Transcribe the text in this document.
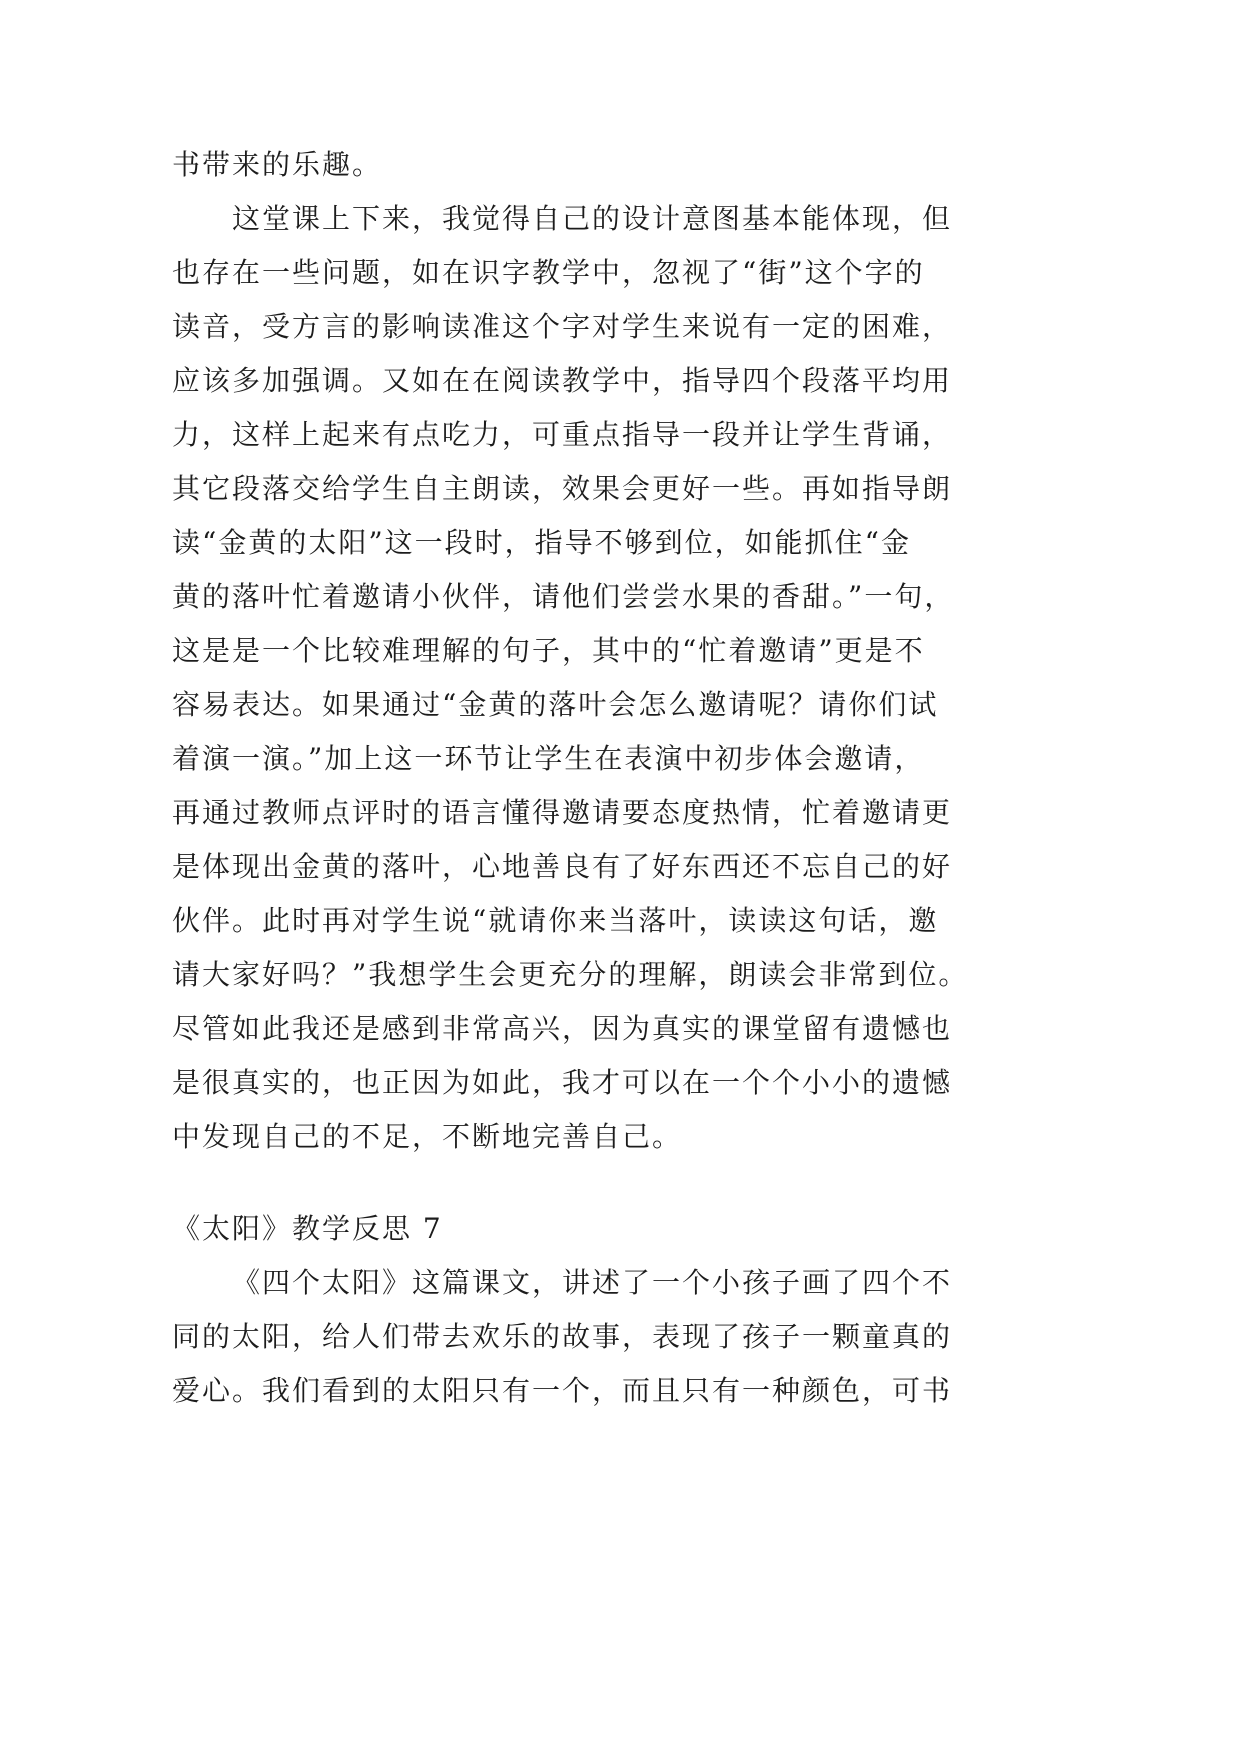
书带来的乐趣。
这堂课上下来，我觉得自己的设计意图基本能体现，但
也存在一些问题，如在识字教学中，忽视了“街”这个字的
读音，受方言的影响读准这个字对学生来说有一定的困难，
应该多加强调。又如在在阅读教学中，指导四个段落平均用
力，这样上起来有点吃力，可重点指导一段并让学生背诵，
其它段落交给学生自主朗读，效果会更好一些。再如指导朗
读“金黄的太阳”这一段时，指导不够到位，如能抓住“金
黄的落叶忙着邀请小伙伴，请他们尝尝水果的香甜。”一句，
这是是一个比较难理解的句子，其中的“忙着邀请”更是不
容易表达。如果通过“金黄的落叶会怎么邀请呢？请你们试
着演一演。”加上这一环节让学生在表演中初步体会邀请，
再通过教师点评时的语言懂得邀请要态度热情，忙着邀请更
是体现出金黄的落叶，心地善良有了好东西还不忘自己的好
伙伴。此时再对学生说“就请你来当落叶，读读这句话，邀
请大家好吗？”我想学生会更充分的理解，朗读会非常到位。
尽管如此我还是感到非常高兴，因为真实的课堂留有遗憾也
是很真实的，也正因为如此，我才可以在一个个小小的遗憾
中发现自己的不足，不断地完善自己。
《太阳》教学反思 7
《四个太阳》这篇课文，讲述了一个小孩子画了四个不
同的太阳，给人们带去欢乐的故事，表现了孩子一颗童真的
爱心。我们看到的太阳只有一个，而且只有一种颜色，可书
